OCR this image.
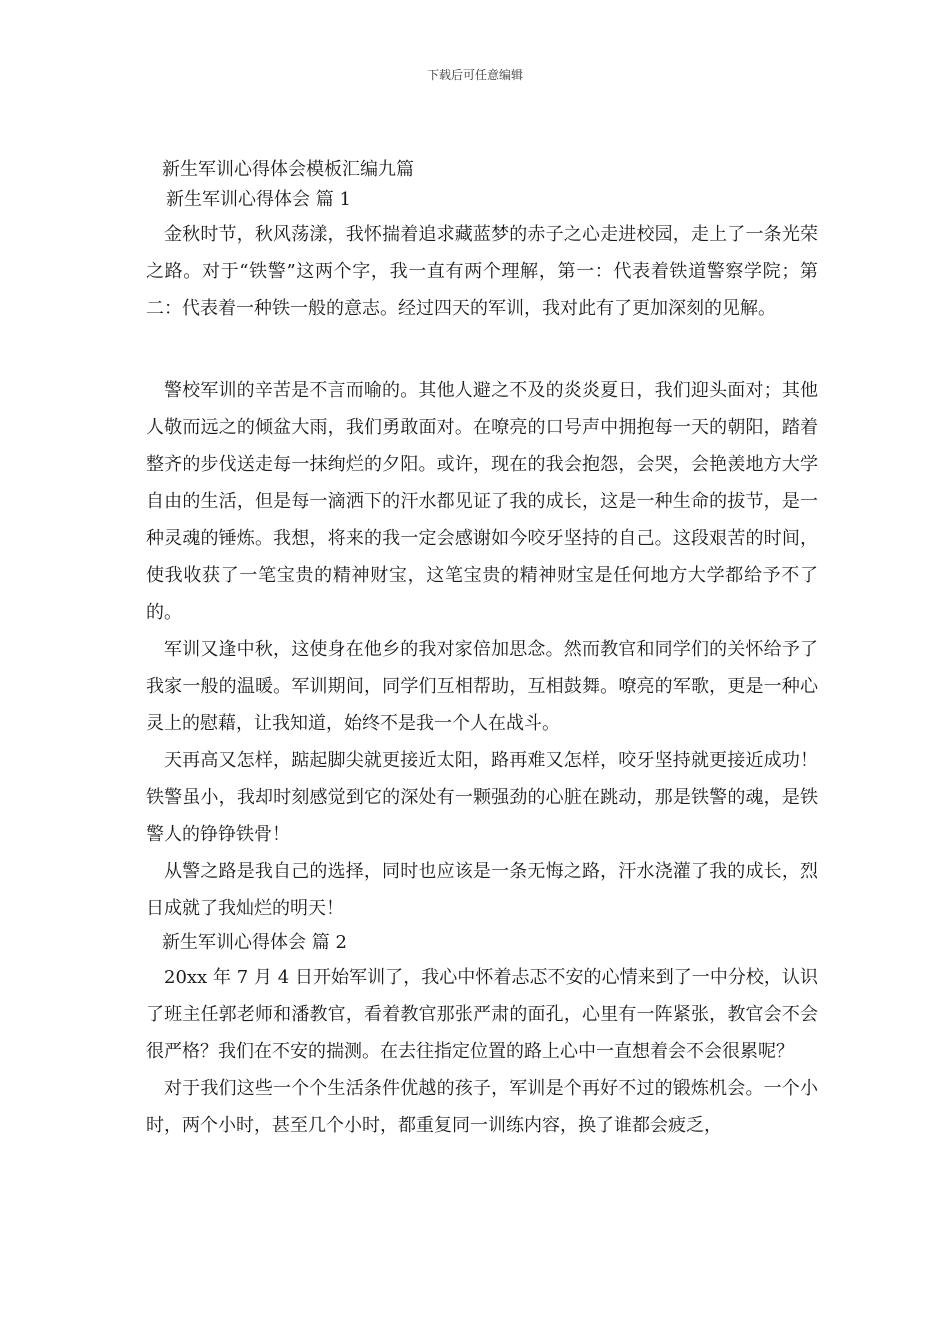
下载后可任意编辑
新生军训心得体会模板汇编九篇
新生军训心得体会 篇 1

金秋时节，秋风荡漾，我怀揣着追求藏蓝梦的赤子之心走进校园，走上了一条光荣之路。对于“铁警”这两个字，我一直有两个理解，第一：代表着铁道警察学院；第二：代表着一种铁一般的意志。经过四天的军训，我对此有了更加深刻的见解。

警校军训的辛苦是不言而喻的。其他人避之不及的炎炎夏日，我们迎头面对；其他人敬而远之的倾盆大雨，我们勇敢面对。在嘹亮的口号声中拥抱每一天的朝阳，踏着整齐的步伐送走每一抹绚烂的夕阳。或许，现在的我会抱怨，会哭，会艳羡地方大学自由的生活，但是每一滴洒下的汗水都见证了我的成长，这是一种生命的拔节，是一种灵魂的锤炼。我想，将来的我一定会感谢如今咬牙坚持的自己。这段艰苦的时间，使我收获了一笔宝贵的精神财宝，这笔宝贵的精神财宝是任何地方大学都给予不了的。

军训又逢中秋，这使身在他乡的我对家倍加思念。然而教官和同学们的关怀给予了我家一般的温暖。军训期间，同学们互相帮助，互相鼓舞。嘹亮的军歌，更是一种心灵上的慰藉，让我知道，始终不是我一个人在战斗。

天再高又怎样，踮起脚尖就更接近太阳，路再难又怎样，咬牙坚持就更接近成功！铁警虽小，我却时刻感觉到它的深处有一颗强劲的心脏在跳动，那是铁警的魂，是铁警人的铮铮铁骨！

从警之路是我自己的选择，同时也应该是一条无悔之路，汗水浇灌了我的成长，烈日成就了我灿烂的明天！

新生军训心得体会 篇 2

20xx 年 7 月 4 日开始军训了，我心中怀着忐忑不安的心情来到了一中分校，认识了班主任郭老师和潘教官，看着教官那张严肃的面孔，心里有一阵紧张，教官会不会很严格？我们在不安的揣测。在去往指定位置的路上心中一直想着会不会很累呢？

对于我们这些一个个生活条件优越的孩子，军训是个再好不过的锻炼机会。一个小时，两个小时，甚至几个小时，都重复同一训练内容，换了谁都会疲乏，
